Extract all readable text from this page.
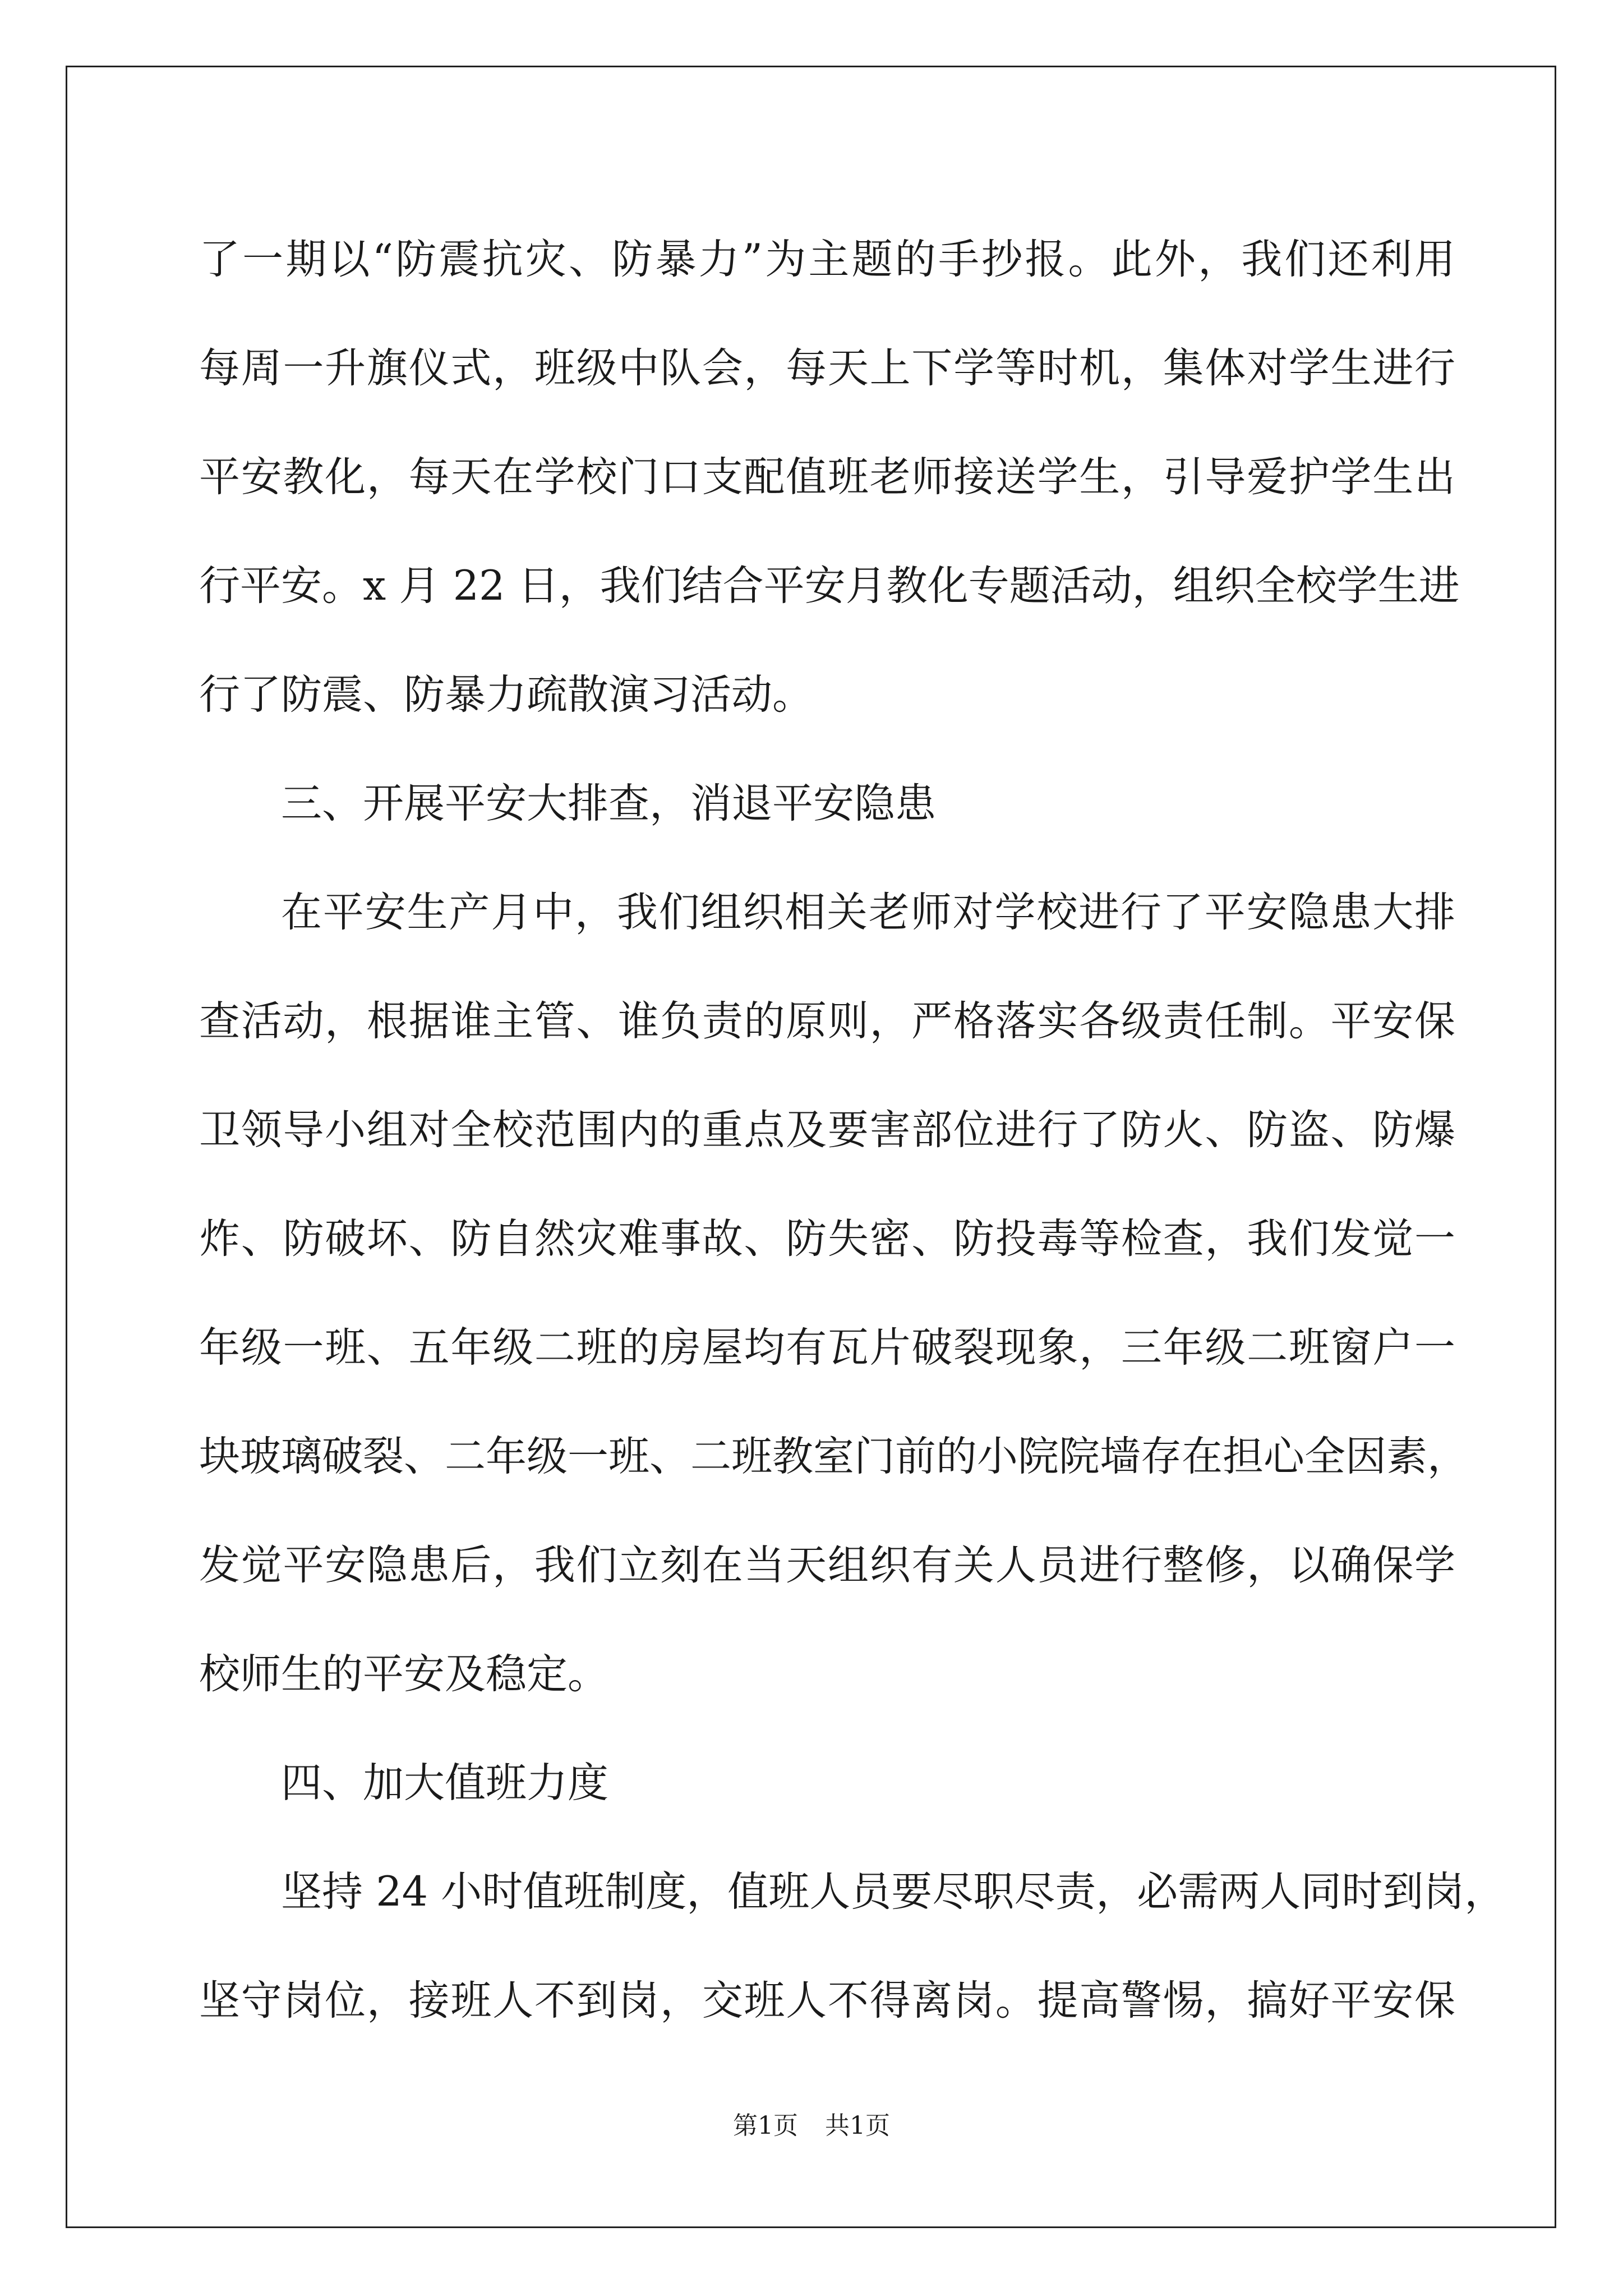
了一期以“防震抗灾、防暴力”为主题的手抄报。此外，我们还利用
每周一升旗仪式，班级中队会，每天上下学等时机，集体对学生进行
平安教化，每天在学校门口支配值班老师接送学生，引导爱护学生出
行平安。x 月 22 日，我们结合平安月教化专题活动，组织全校学生进
行了防震、防暴力疏散演习活动。
三、开展平安大排查，消退平安隐患
在平安生产月中，我们组织相关老师对学校进行了平安隐患大排
查活动，根据谁主管、谁负责的原则，严格落实各级责任制。平安保
卫领导小组对全校范围内的重点及要害部位进行了防火、防盗、防爆
炸、防破坏、防自然灾难事故、防失密、防投毒等检查，我们发觉一
年级一班、五年级二班的房屋均有瓦片破裂现象，三年级二班窗户一
块玻璃破裂、二年级一班、二班教室门前的小院院墙存在担心全因素，
发觉平安隐患后，我们立刻在当天组织有关人员进行整修，以确保学
校师生的平安及稳定。
四、加大值班力度
坚持 24 小时值班制度，值班人员要尽职尽责，必需两人同时到岗，
坚守岗位，接班人不到岗，交班人不得离岗。提高警惕，搞好平安保
第1页 共1页
